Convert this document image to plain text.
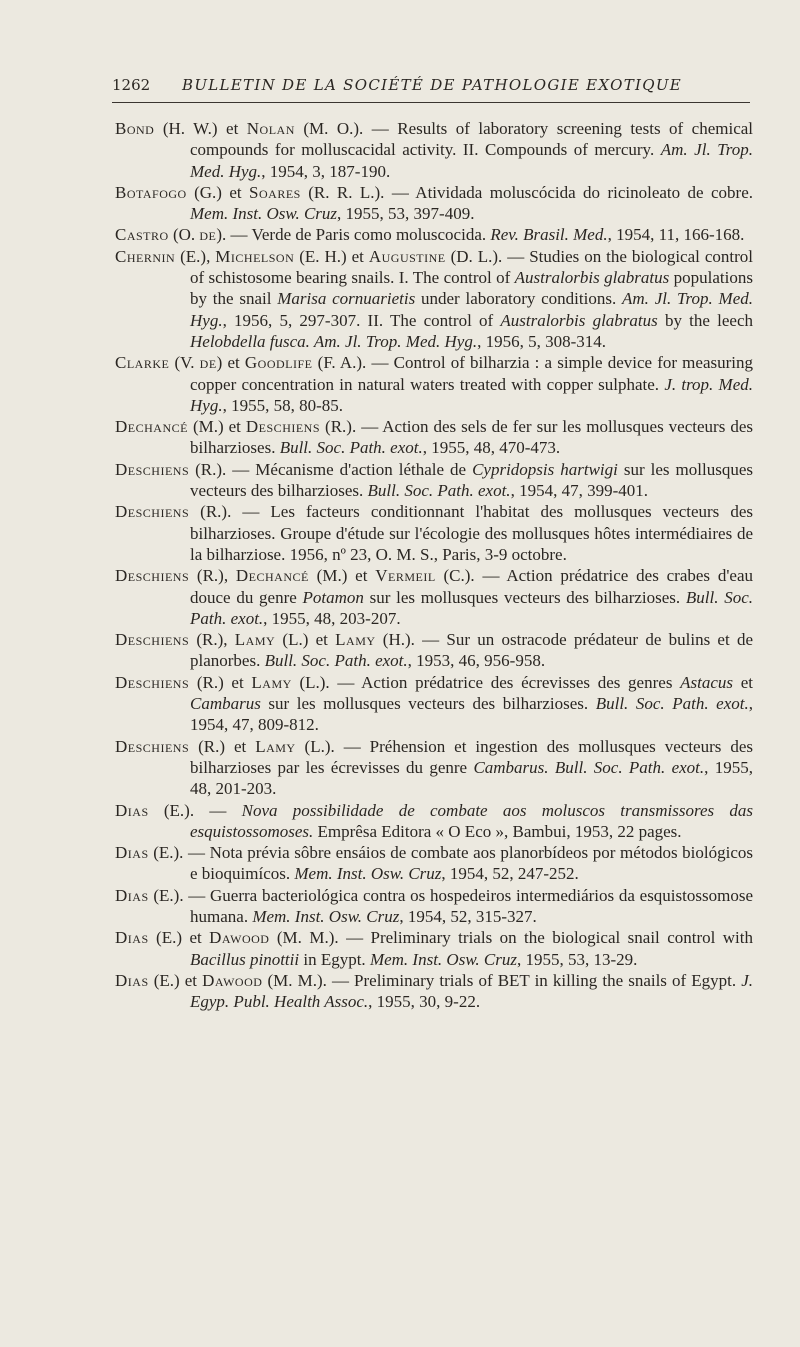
1262 BULLETIN DE LA SOCIÉTÉ DE PATHOLOGIE EXOTIQUE

Bond (H. W.) et Nolan (M. O.). — Results of laboratory screening tests of chemical compounds for molluscacidal activity. II. Compounds of mercury. Am. Jl. Trop. Med. Hyg., 1954, 3, 187-190.

Botafogo (G.) et Soares (R. R. L.). — Atividada moluscócida do ricinoleato de cobre. Mem. Inst. Osw. Cruz, 1955, 53, 397-409.

Castro (O. de). — Verde de Paris como moluscocida. Rev. Brasil. Med., 1954, 11, 166-168.

Chernin (E.), Michelson (E. H.) et Augustine (D. L.). — Studies on the biological control of schistosome bearing snails. I. The control of Australorbis glabratus populations by the snail Marisa cornuarietis under laboratory conditions. Am. Jl. Trop. Med. Hyg., 1956, 5, 297-307. II. The control of Australorbis glabratus by the leech Helobdella fusca. Am. Jl. Trop. Med. Hyg., 1956, 5, 308-314.

Clarke (V. de) et Goodlife (F. A.). — Control of bilharzia : a simple device for measuring copper concentration in natural waters treated with copper sulphate. J. trop. Med. Hyg., 1955, 58, 80-85.

Dechancé (M.) et Deschiens (R.). — Action des sels de fer sur les mollusques vecteurs des bilharzioses. Bull. Soc. Path. exot., 1955, 48, 470-473.

Deschiens (R.). — Mécanisme d'action léthale de Cypridopsis hartwigi sur les mollusques vecteurs des bilharzioses. Bull. Soc. Path. exot., 1954, 47, 399-401.

Deschiens (R.). — Les facteurs conditionnant l'habitat des mollusques vecteurs des bilharzioses. Groupe d'étude sur l'écologie des mollusques hôtes intermédiaires de la bilharziose. 1956, nº 23, O. M. S., Paris, 3-9 octobre.

Deschiens (R.), Dechancé (M.) et Vermeil (C.). — Action prédatrice des crabes d'eau douce du genre Potamon sur les mollusques vecteurs des bilharzioses. Bull. Soc. Path. exot., 1955, 48, 203-207.

Deschiens (R.), Lamy (L.) et Lamy (H.). — Sur un ostracode prédateur de bulins et de planorbes. Bull. Soc. Path. exot., 1953, 46, 956-958.

Deschiens (R.) et Lamy (L.). — Action prédatrice des écrevisses des genres Astacus et Cambarus sur les mollusques vecteurs des bilharzioses. Bull. Soc. Path. exot., 1954, 47, 809-812.

Deschiens (R.) et Lamy (L.). — Préhension et ingestion des mollusques vecteurs des bilharzioses par les écrevisses du genre Cambarus. Bull. Soc. Path. exot., 1955, 48, 201-203.

Dias (E.). — Nova possibilidade de combate aos moluscos transmissores das esquistossomoses. Emprêsa Editora « O Eco », Bambui, 1953, 22 pages.

Dias (E.). — Nota prévia sôbre ensáios de combate aos planorbídeos por métodos biológicos e bioquimícos. Mem. Inst. Osw. Cruz, 1954, 52, 247-252.

Dias (E.). — Guerra bacteriológica contra os hospedeiros intermediários da esquistossomose humana. Mem. Inst. Osw. Cruz, 1954, 52, 315-327.

Dias (E.) et Dawood (M. M.). — Preliminary trials on the biological snail control with Bacillus pinottii in Egypt. Mem. Inst. Osw. Cruz, 1955, 53, 13-29.

Dias (E.) et Dawood (M. M.). — Preliminary trials of BET in killing the snails of Egypt. J. Egyp. Publ. Health Assoc., 1955, 30, 9-22.
